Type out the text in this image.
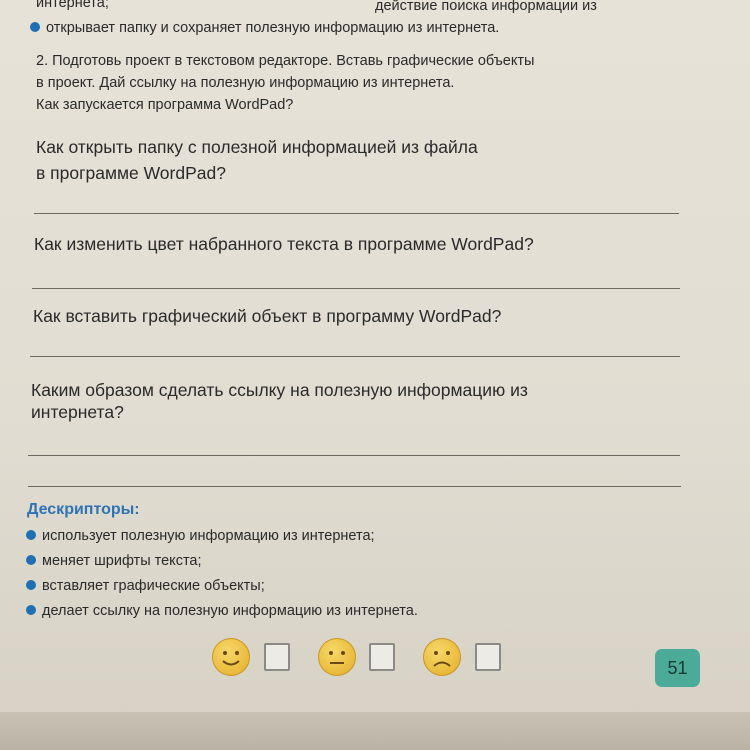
интернета;	действие поиска информации из
открывает папку и сохраняет полезную информацию из интернета.
2. Подготовь проект в текстовом редакторе. Вставь графические объекты
в проект. Дай ссылку на полезную информацию из интернета.
Как запускается программа WordPad?
Как открыть папку с полезной информацией из файла
в программе WordPad?
Как изменить цвет набранного текста в программе WordPad?
Как вставить графический объект в программу WordPad?
Каким образом сделать ссылку на полезную информацию из
интернета?
Дескрипторы:
использует полезную информацию из интернета;
меняет шрифты текста;
вставляет графические объекты;
делает ссылку на полезную информацию из интернета.
51
